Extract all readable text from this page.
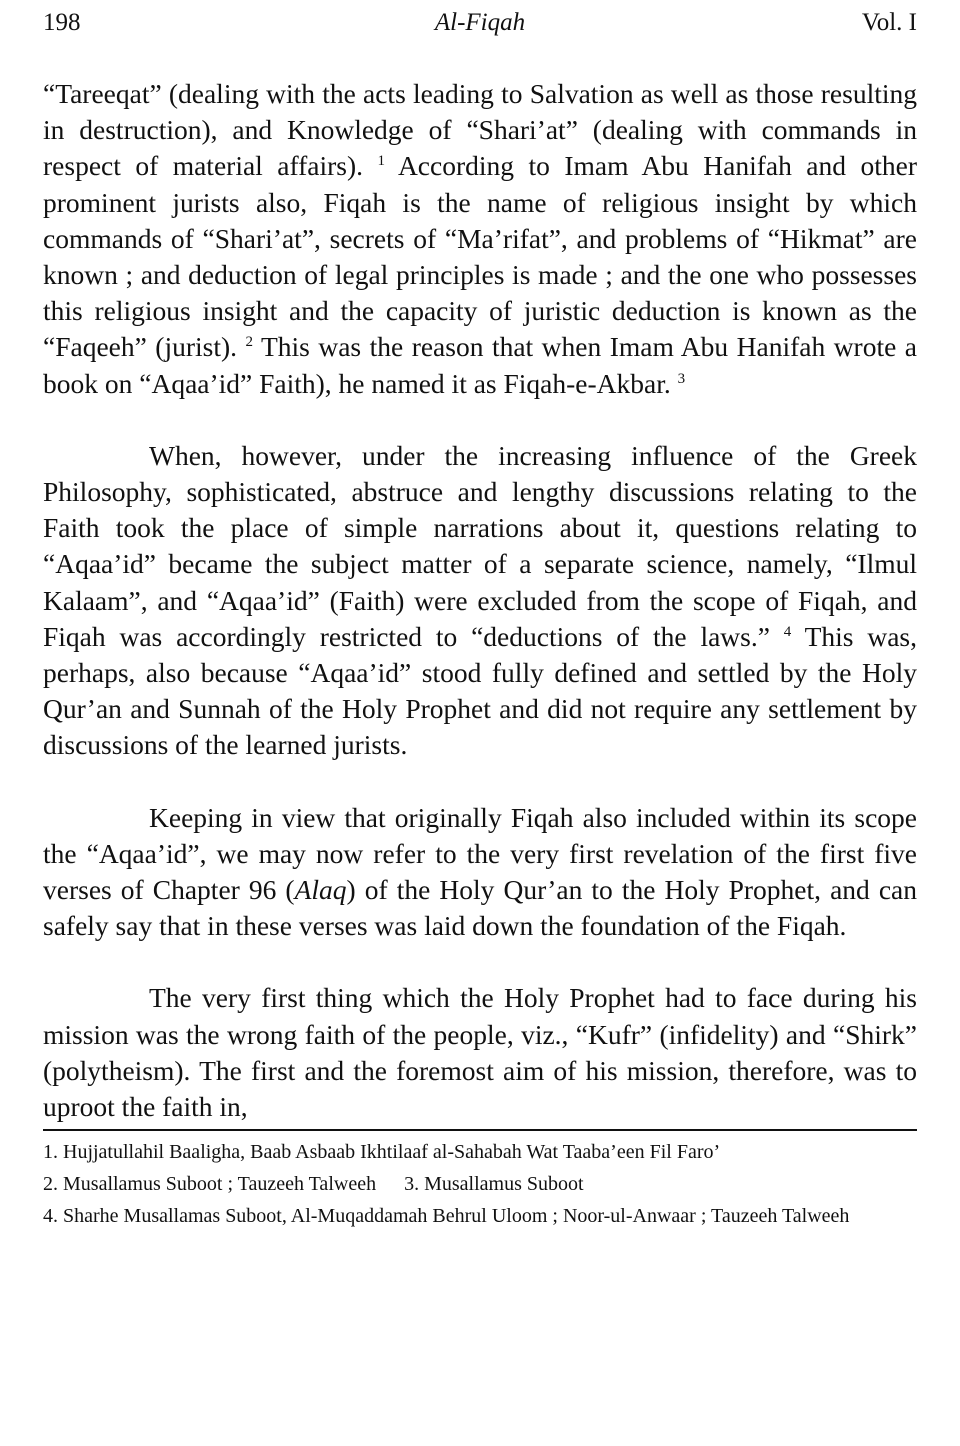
198	Al-Fiqah	Vol. I

“Tareeqat” (dealing with the acts leading to Salvation as well as those resulting in destruction), and Knowledge of “Shari’at” (dealing with commands in respect of material affairs). $^1$ According to Imam Abu Hanifah and other prominent jurists also, Fiqah is the name of religious insight by which commands of “Shari’at”, secrets of “Ma’rifat”, and problems of “Hikmat” are known ; and deduction of legal principles is made ; and the one who possesses this religious insight and the capacity of juristic deduction is known as the “Faqeeh” (jurist). $^2$ This was the reason that when Imam Abu Hanifah wrote a book on “Aqaa’id” Faith), he named it as Fiqah-e-Akbar. $^3$

When, however, under the increasing influence of the Greek Philosophy, sophisticated, abstruce and lengthy discussions relating to the Faith took the place of simple narrations about it, questions relating to “Aqaa’id” became the subject matter of a separate science, namely, “Ilmul Kalaam”, and “Aqaa’id” (Faith) were excluded from the scope of Fiqah, and Fiqah was accordingly restricted to “deductions of the laws.” $^4$ This was, perhaps, also because “Aqaa’id” stood fully defined and settled by the Holy Qur’an and Sunnah of the Holy Prophet and did not require any settlement by discussions of the learned jurists.

Keeping in view that originally Fiqah also included within its scope the “Aqaa’id”, we may now refer to the very first revelation of the first five verses of Chapter 96 (Alaq) of the Holy Qur’an to the Holy Prophet, and can safely say that in these verses was laid down the foundation of the Fiqah.

The very first thing which the Holy Prophet had to face during his mission was the wrong faith of the people, viz., “Kufr” (infidelity) and “Shirk” (polytheism). The first and the foremost aim of his mission, therefore, was to uproot the faith in,

1. Hujjatullahil Baaligha, Baab Asbaab Ikhtilaaf al-Sahabah Wat Taaba’een Fil Faro’
2. Musallamus Suboot ; Tauzeeh Talweeh 3. Musallamus Suboot
4. Sharhe Musallamas Suboot, Al-Muqaddamah Behrul Uloom ; Noor-ul-Anwaar ; Tauzeeh Talweeh
